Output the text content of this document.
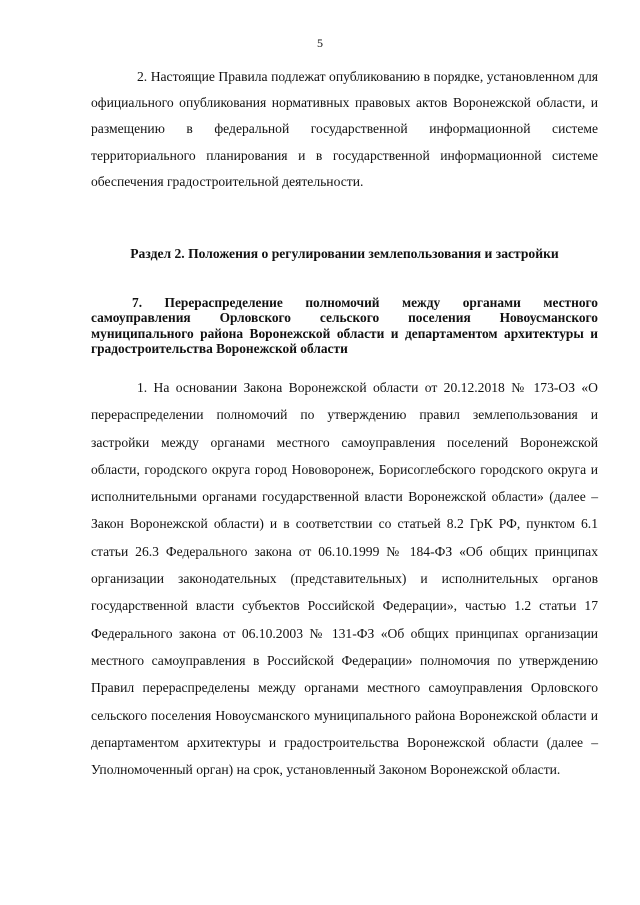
5

2. Настоящие Правила подлежат опубликованию в порядке, установленном для официального опубликования нормативных правовых актов Воронежской области, и размещению в федеральной государственной информационной системе территориального планирования и в государственной информационной системе обеспечения градостроительной деятельности.

Раздел 2. Положения о регулировании землепользования и застройки
7. Перераспределение полномочий между органами местного самоуправления Орловского сельского поселения Новоусманского муниципального района Воронежской области и департаментом архитектуры и градостроительства Воронежской области

1. На основании Закона Воронежской области от 20.12.2018 № 173-ОЗ «О перераспределении полномочий по утверждению правил землепользования и застройки между органами местного самоуправления поселений Воронежской области, городского округа город Нововоронеж, Борисоглебского городского округа и исполнительными органами государственной власти Воронежской области» (далее – Закон Воронежской области) и в соответствии со статьей 8.2 ГрК РФ, пунктом 6.1 статьи 26.3 Федерального закона от 06.10.1999 № 184-ФЗ «Об общих принципах организации законодательных (представительных) и исполнительных органов государственной власти субъектов Российской Федерации», частью 1.2 статьи 17 Федерального закона от 06.10.2003 № 131-ФЗ «Об общих принципах организации местного самоуправления в Российской Федерации» полномочия по утверждению Правил перераспределены между органами местного самоуправления Орловского сельского поселения Новоусманского муниципального района Воронежской области и департаментом архитектуры и градостроительства Воронежской области (далее – Уполномоченный орган) на срок, установленный Законом Воронежской области.
